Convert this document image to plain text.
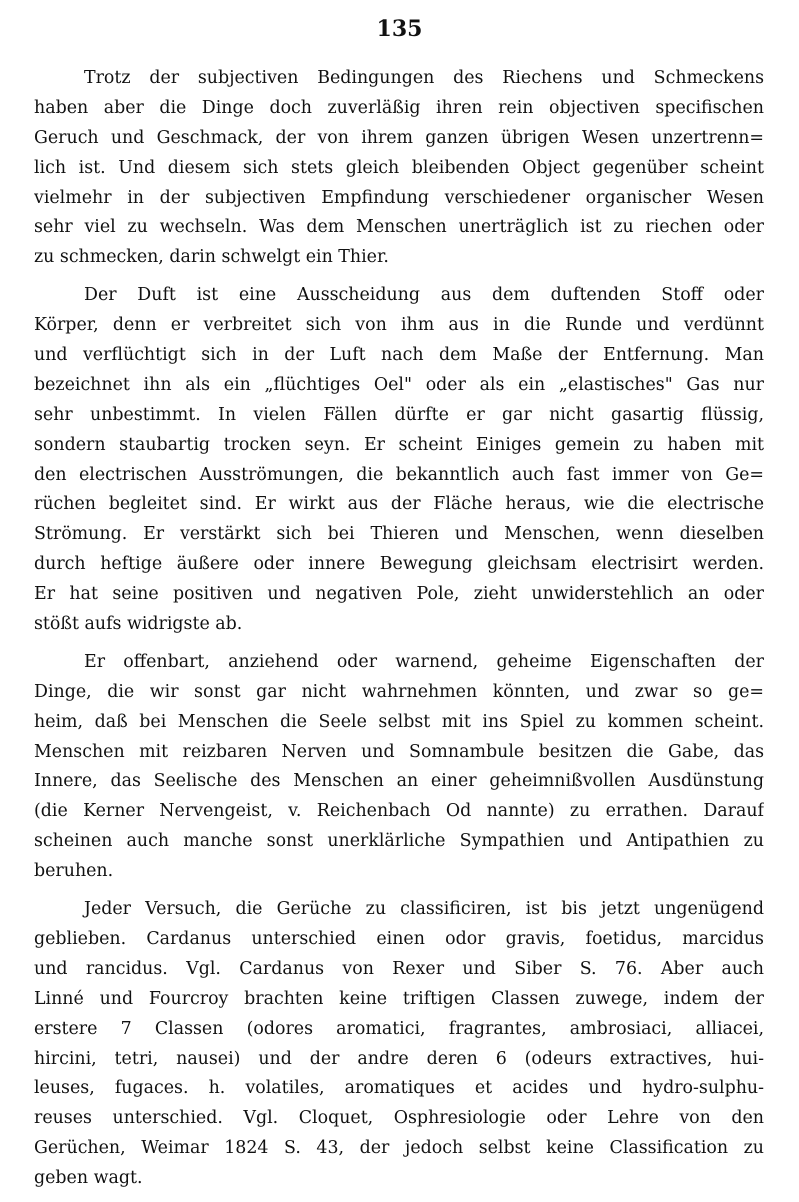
135
Trotz der subjectiven Bedingungen des Riechens und Schmeckens
haben aber die Dinge doch zuverläßig ihren rein objectiven specifischen
Geruch und Geschmack, der von ihrem ganzen übrigen Wesen unzertrenn=
lich ist. Und diesem sich stets gleich bleibenden Object gegenüber scheint
vielmehr in der subjectiven Empfindung verschiedener organischer Wesen
sehr viel zu wechseln. Was dem Menschen unerträglich ist zu riechen oder
zu schmecken, darin schwelgt ein Thier.
Der Duft ist eine Ausscheidung aus dem duftenden Stoff oder
Körper, denn er verbreitet sich von ihm aus in die Runde und verdünnt
und verflüchtigt sich in der Luft nach dem Maße der Entfernung. Man
bezeichnet ihn als ein „flüchtiges Oel" oder als ein „elastisches" Gas nur
sehr unbestimmt. In vielen Fällen dürfte er gar nicht gasartig flüssig,
sondern staubartig trocken seyn. Er scheint Einiges gemein zu haben mit
den electrischen Ausströmungen, die bekanntlich auch fast immer von Ge=
rüchen begleitet sind. Er wirkt aus der Fläche heraus, wie die electrische
Strömung. Er verstärkt sich bei Thieren und Menschen, wenn dieselben
durch heftige äußere oder innere Bewegung gleichsam electrisirt werden.
Er hat seine positiven und negativen Pole, zieht unwiderstehlich an oder
stößt aufs widrigste ab.
Er offenbart, anziehend oder warnend, geheime Eigenschaften der
Dinge, die wir sonst gar nicht wahrnehmen könnten, und zwar so ge=
heim, daß bei Menschen die Seele selbst mit ins Spiel zu kommen scheint.
Menschen mit reizbaren Nerven und Somnambule besitzen die Gabe, das
Innere, das Seelische des Menschen an einer geheimnißvollen Ausdünstung
(die Kerner Nervengeist, v. Reichenbach Od nannte) zu errathen. Darauf
scheinen auch manche sonst unerklärliche Sympathien und Antipathien zu
beruhen.
Jeder Versuch, die Gerüche zu classificiren, ist bis jetzt ungenügend
geblieben. Cardanus unterschied einen odor gravis, foetidus, marcidus
und rancidus. Vgl. Cardanus von Rexer und Siber S. 76. Aber auch
Linné und Fourcroy brachten keine triftigen Classen zuwege, indem der
erstere 7 Classen (odores aromatici, fragrantes, ambrosiaci, alliacei,
hircini, tetri, nausei) und der andre deren 6 (odeurs extractives, hui-
leuses, fugaces. h. volatiles, aromatiques et acides und hydro-sulphu-
reuses unterschied. Vgl. Cloquet, Osphresiologie oder Lehre von den
Gerüchen, Weimar 1824 S. 43, der jedoch selbst keine Classification zu
geben wagt.
